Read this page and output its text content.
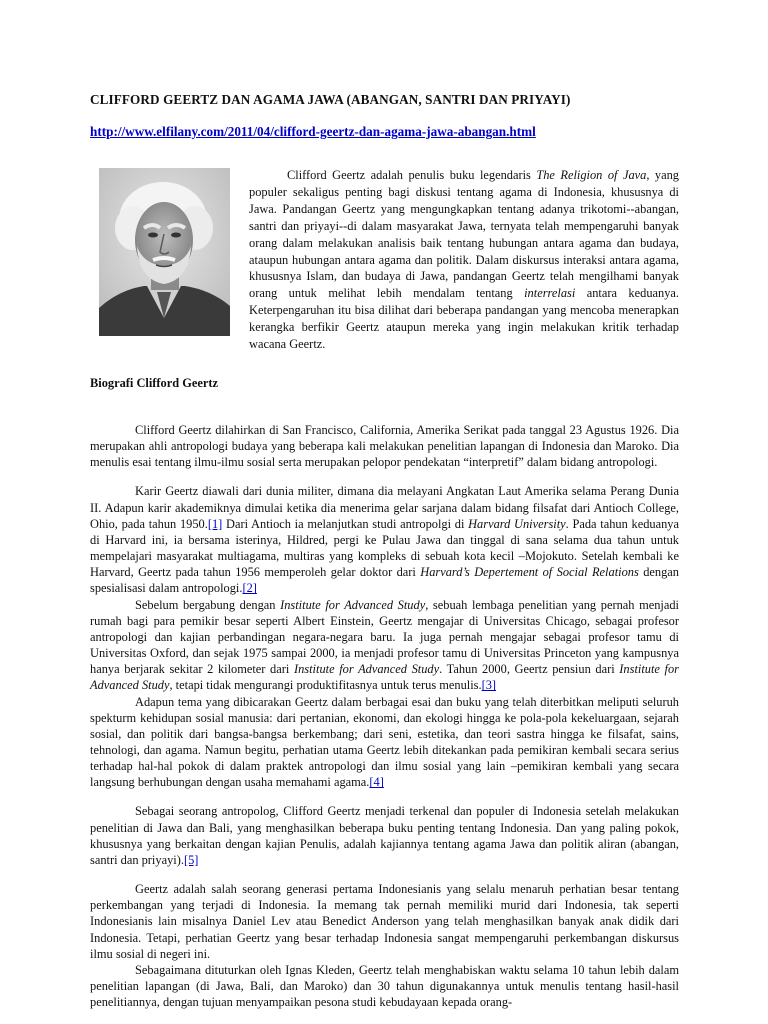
CLIFFORD GEERTZ DAN AGAMA JAWA (ABANGAN, SANTRI DAN PRIYAYI)
http://www.elfilany.com/2011/04/clifford-geertz-dan-agama-jawa-abangan.html

Clifford Geertz adalah penulis buku legendaris The Religion of Java, yang populer sekaligus penting bagi diskusi tentang agama di Indonesia, khususnya di Jawa. Pandangan Geertz yang mengungkapkan tentang adanya trikotomi--abangan, santri dan priyayi--di dalam masyarakat Jawa, ternyata telah mempengaruhi banyak orang dalam melakukan analisis baik tentang hubungan antara agama dan budaya, ataupun hubungan antara agama dan politik. Dalam diskursus interaksi antara agama, khususnya Islam, dan budaya di Jawa, pandangan Geertz telah mengilhami banyak orang untuk melihat lebih mendalam tentang interrelasi antara keduanya. Keterpengaruhan itu bisa dilihat dari beberapa pandangan yang mencoba menerapkan kerangka berfikir Geertz ataupun mereka yang ingin melakukan kritik terhadap wacana Geertz.

Biografi Clifford Geertz

Clifford Geertz dilahirkan di San Francisco, California, Amerika Serikat pada tanggal 23 Agustus 1926. Dia merupakan ahli antropologi budaya yang beberapa kali melakukan penelitian lapangan di Indonesia dan Maroko. Dia menulis esai tentang ilmu-ilmu sosial serta merupakan pelopor pendekatan “interpretif” dalam bidang antropologi.

Karir Geertz diawali dari dunia militer, dimana dia melayani Angkatan Laut Amerika selama Perang Dunia II. Adapun karir akademiknya dimulai ketika dia menerima gelar sarjana dalam bidang filsafat dari Antioch College, Ohio, pada tahun 1950.[1] Dari Antioch ia melanjutkan studi antropolgi di Harvard University. Pada tahun keduanya di Harvard ini, ia bersama isterinya, Hildred, pergi ke Pulau Jawa dan tinggal di sana selama dua tahun untuk mempelajari masyarakat multiagama, multiras yang kompleks di sebuah kota kecil –Mojokuto. Setelah kembali ke Harvard, Geertz pada tahun 1956 memperoleh gelar doktor dari Harvard’s Depertement of Social Relations dengan spesialisasi dalam antropologi.[2]

Sebelum bergabung dengan Institute for Advanced Study, sebuah lembaga penelitian yang pernah menjadi rumah bagi para pemikir besar seperti Albert Einstein, Geertz mengajar di Universitas Chicago, sebagai profesor antropologi dan kajian perbandingan negara-negara baru. Ia juga pernah mengajar sebagai profesor tamu di Universitas Oxford, dan sejak 1975 sampai 2000, ia menjadi profesor tamu di Universitas Princeton yang kampusnya hanya berjarak sekitar 2 kilometer dari Institute for Advanced Study. Tahun 2000, Geertz pensiun dari Institute for Advanced Study, tetapi tidak mengurangi produktifitasnya untuk terus menulis.[3]

Adapun tema yang dibicarakan Geertz dalam berbagai esai dan buku yang telah diterbitkan meliputi seluruh spekturm kehidupan sosial manusia: dari pertanian, ekonomi, dan ekologi hingga ke pola-pola kekeluargaan, sejarah sosial, dan politik dari bangsa-bangsa berkembang; dari seni, estetika, dan teori sastra hingga ke filsafat, sains, tehnologi, dan agama. Namun begitu, perhatian utama Geertz lebih ditekankan pada pemikiran kembali secara serius terhadap hal-hal pokok di dalam praktek antropologi dan ilmu sosial yang lain –pemikiran kembali yang secara langsung berhubungan dengan usaha memahami agama.[4]

Sebagai seorang antropolog, Clifford Geertz menjadi terkenal dan populer di Indonesia setelah melakukan penelitian di Jawa dan Bali, yang menghasilkan beberapa buku penting tentang Indonesia. Dan yang paling pokok, khususnya yang berkaitan dengan kajian Penulis, adalah kajiannya tentang agama Jawa dan politik aliran (abangan, santri dan priyayi).[5]

Geertz adalah salah seorang generasi pertama Indonesianis yang selalu menaruh perhatian besar tentang perkembangan yang terjadi di Indonesia. Ia memang tak pernah memiliki murid dari Indonesia, tak seperti Indonesianis lain misalnya Daniel Lev atau Benedict Anderson yang telah menghasilkan banyak anak didik dari Indonesia. Tetapi, perhatian Geertz yang besar terhadap Indonesia sangat mempengaruhi perkembangan diskursus ilmu sosial di negeri ini.

Sebagaimana dituturkan oleh Ignas Kleden, Geertz telah menghabiskan waktu selama 10 tahun lebih dalam penelitian lapangan (di Jawa, Bali, dan Maroko) dan 30 tahun digunakannya untuk menulis tentang hasil-hasil penelitiannya, dengan tujuan menyampaikan pesona studi kebudayaan kepada orang-
